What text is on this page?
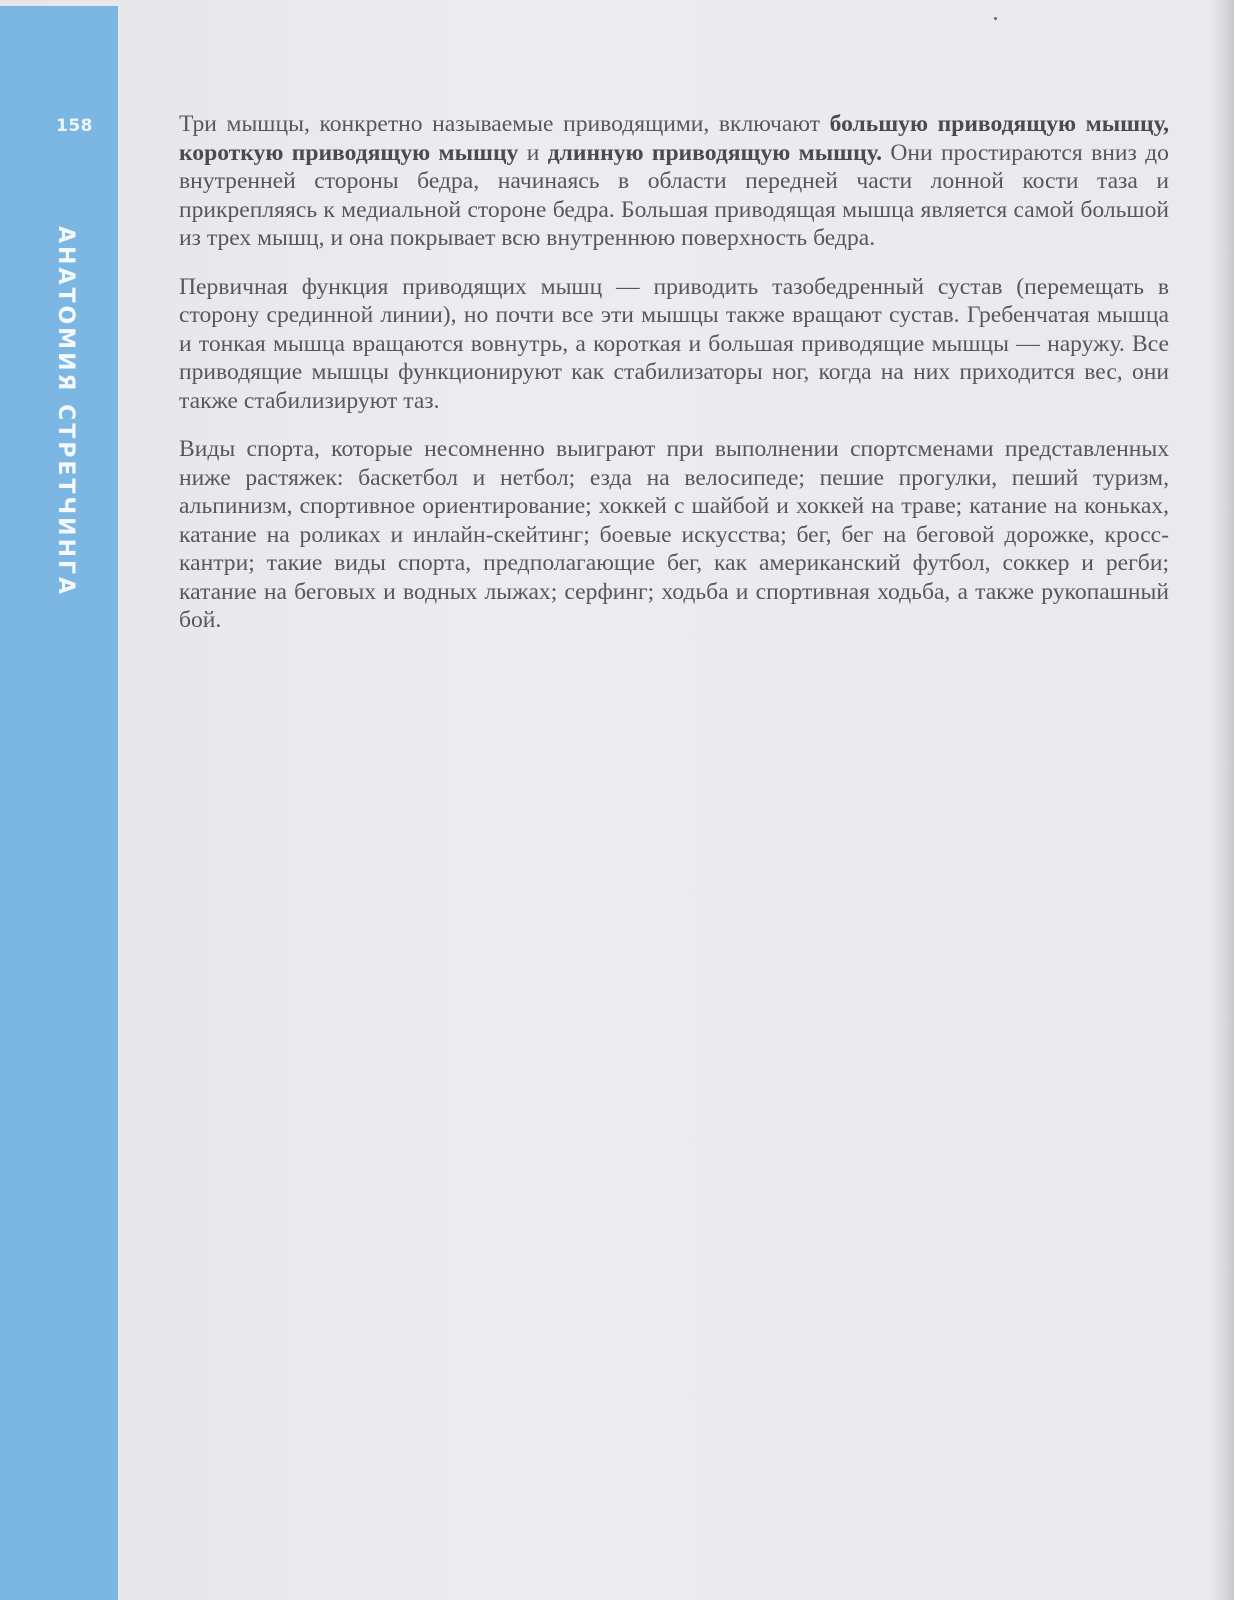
158
АНАТОМИЯ СТРЕТЧИНГА

Три мышцы, конкретно называемые приводящими, включают большую приводящую мышцу, короткую приводящую мышцу и длинную приводящую мышцу. Они простираются вниз до внутренней стороны бедра, начинаясь в области передней части лонной кости таза и прикрепляясь к медиальной стороне бедра. Большая приводящая мышца является самой большой из трех мышц, и она покрывает всю внутреннюю поверхность бедра.

Первичная функция приводящих мышц — приводить тазобедренный сустав (перемещать в сторону срединной линии), но почти все эти мышцы также вращают сустав. Гребенчатая мышца и тонкая мышца вращаются вовнутрь, а короткая и большая приводящие мышцы — наружу. Все приводящие мышцы функционируют как стабилизаторы ног, когда на них приходится вес, они также стабилизируют таз.

Виды спорта, которые несомненно выиграют при выполнении спортсменами представленных ниже растяжек: баскетбол и нетбол; езда на велосипеде; пешие прогулки, пеший туризм, альпинизм, спортивное ориентирование; хоккей с шайбой и хоккей на траве; катание на коньках, катание на роликах и инлайн-скейтинг; боевые искусства; бег, бег на беговой дорожке, кросс-кантри; такие виды спорта, предполагающие бег, как американский футбол, соккер и регби; катание на беговых и водных лыжах; серфинг; ходьба и спортивная ходьба, а также рукопашный бой.
